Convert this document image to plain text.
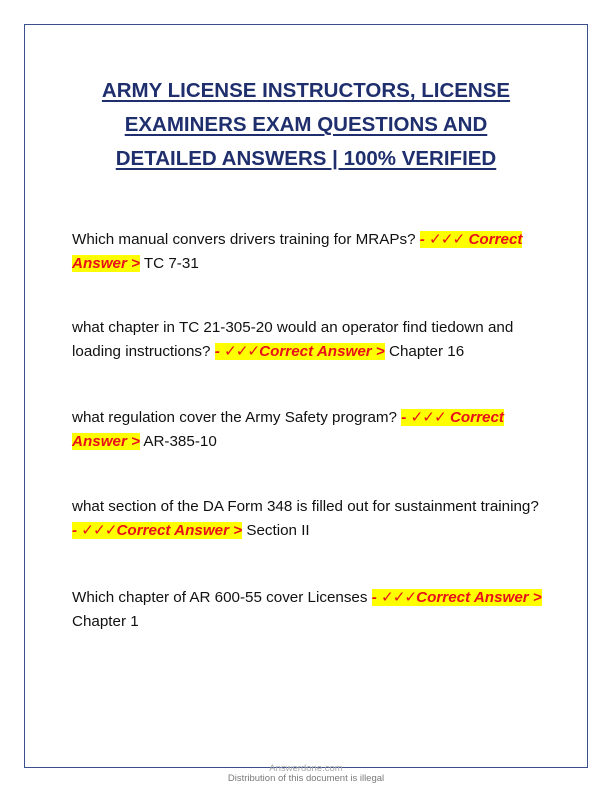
ARMY LICENSE INSTRUCTORS, LICENSE
EXAMINERS EXAM QUESTIONS AND
DETAILED ANSWERS | 100% VERIFIED

Which manual convers drivers training for MRAPs? - ✓✓✓ Correct Answer > TC 7-31

what chapter in TC 21-305-20 would an operator find tiedown and loading instructions? - ✓✓✓Correct Answer > Chapter 16

what regulation cover the Army Safety program? - ✓✓✓ Correct Answer > AR-385-10

what section of the DA Form 348 is filled out for sustainment training? - ✓✓✓Correct Answer > Section II

Which chapter of AR 600-55 cover Licenses - ✓✓✓Correct Answer > Chapter 1

Answerdone.com

Distribution of this document is illegal
